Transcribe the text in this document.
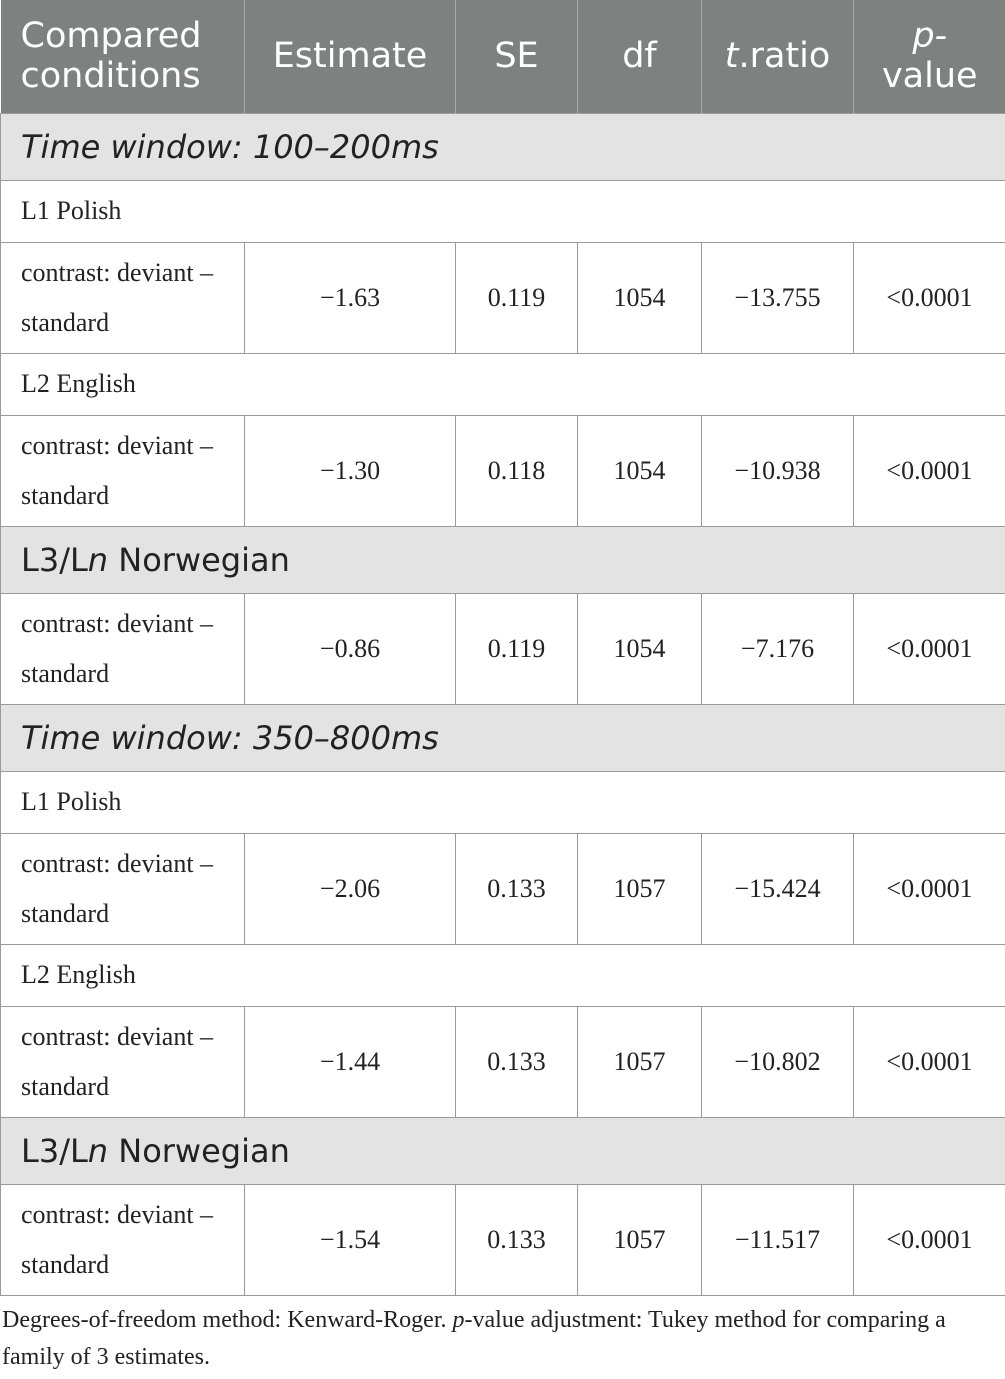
Compared conditions	Estimate	SE	df	t.ratio	p-
value
Time window: 100–200ms					
L1 Polish					
contrast: deviant – standard	−1.63	0.119	1054	−13.755	<0.0001
L2 English					
contrast: deviant – standard	−1.30	0.118	1054	−10.938	<0.0001
L3/Ln Norwegian					
contrast: deviant – standard	−0.86	0.119	1054	−7.176	<0.0001
Time window: 350–800ms					
L1 Polish					
contrast: deviant – standard	−2.06	0.133	1057	−15.424	<0.0001
L2 English					
contrast: deviant – standard	−1.44	0.133	1057	−10.802	<0.0001
L3/Ln Norwegian					
contrast: deviant – standard	−1.54	0.133	1057	−11.517	<0.0001

Degrees-of-freedom method: Kenward-Roger. p-value adjustment: Tukey method for comparing a family of 3 estimates.
